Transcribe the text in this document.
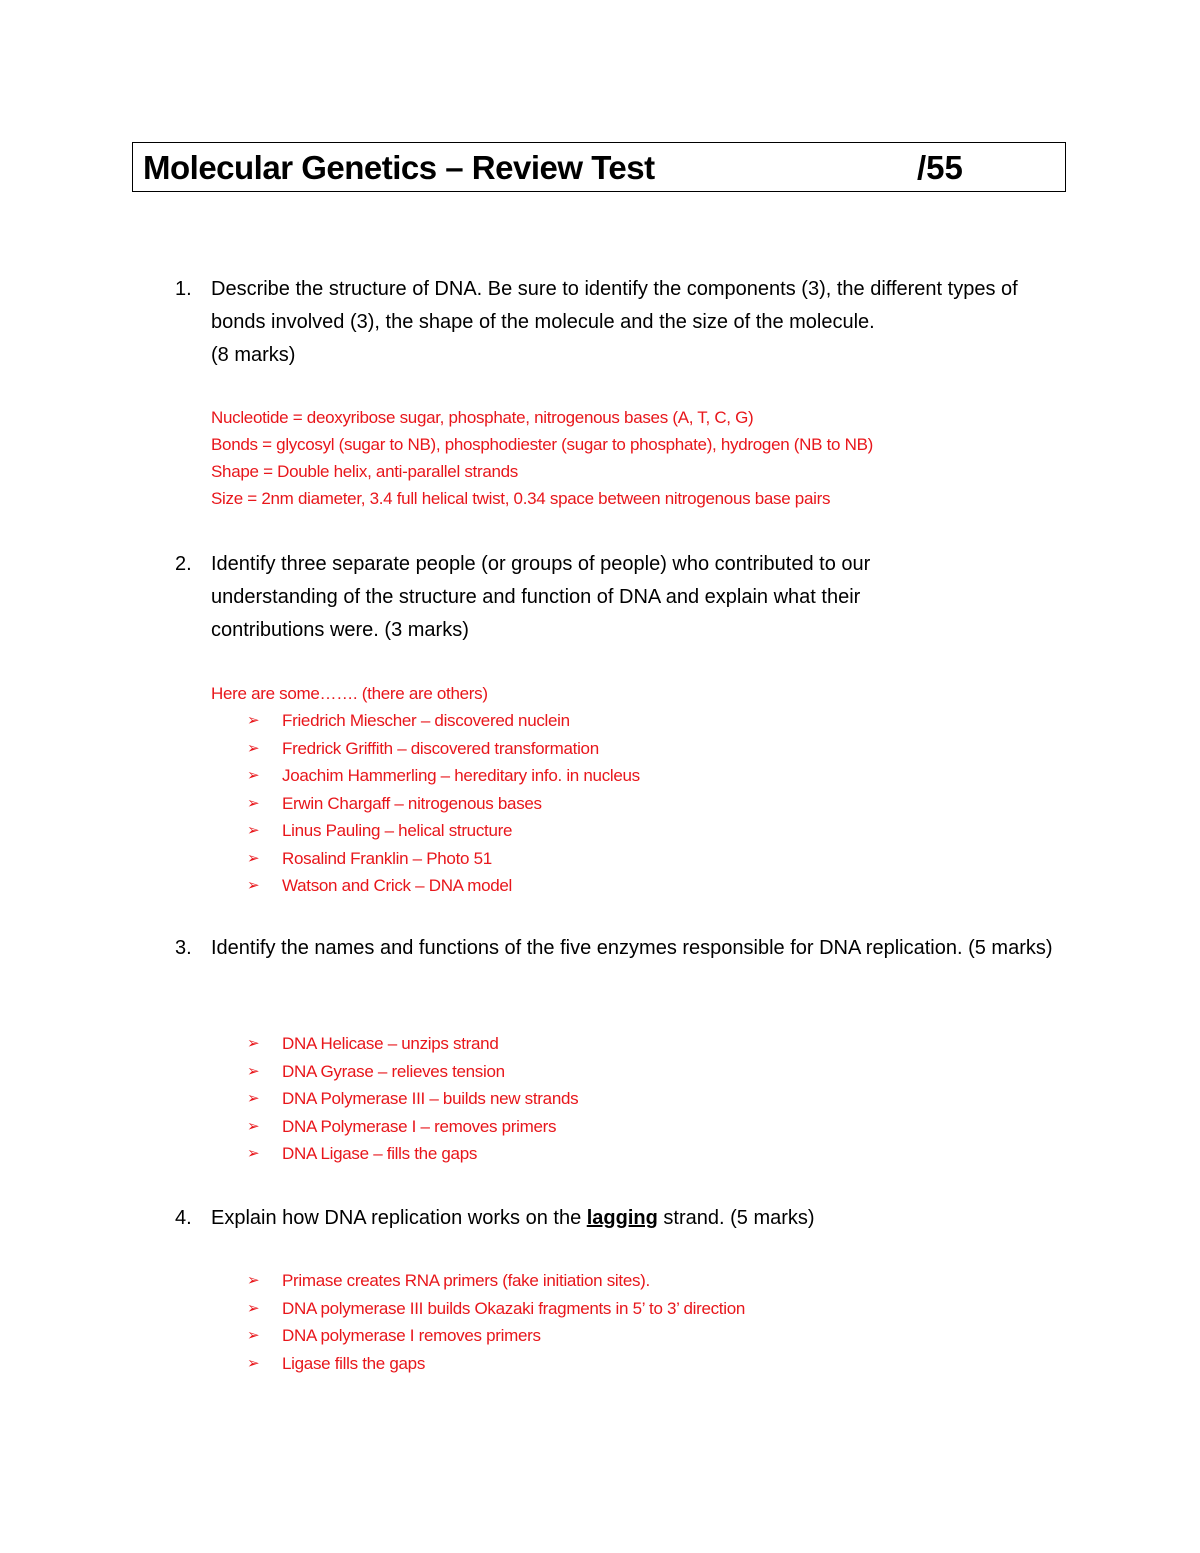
Molecular Genetics – Review Test	/55
1. Describe the structure of DNA. Be sure to identify the components (3), the different types of bonds involved (3), the shape of the molecule and the size of the molecule.
(8 marks)
Nucleotide = deoxyribose sugar, phosphate, nitrogenous bases (A, T, C, G)
Bonds = glycosyl (sugar to NB), phosphodiester (sugar to phosphate), hydrogen (NB to NB)
Shape = Double helix, anti-parallel strands
Size = 2nm diameter, 3.4 full helical twist, 0.34 space between nitrogenous base pairs
2. Identify three separate people (or groups of people) who contributed to our understanding of the structure and function of DNA and explain what their contributions were. (3 marks)
Here are some……. (there are others)
➢ Friedrich Miescher – discovered nuclein
➢ Fredrick Griffith – discovered transformation
➢ Joachim Hammerling – hereditary info. in nucleus
➢ Erwin Chargaff – nitrogenous bases
➢ Linus Pauling – helical structure
➢ Rosalind Franklin – Photo 51
➢ Watson and Crick – DNA model
3. Identify the names and functions of the five enzymes responsible for DNA replication. (5 marks)
➢ DNA Helicase – unzips strand
➢ DNA Gyrase – relieves tension
➢ DNA Polymerase III – builds new strands
➢ DNA Polymerase I – removes primers
➢ DNA Ligase – fills the gaps
4. Explain how DNA replication works on the lagging strand. (5 marks)
➢ Primase creates RNA primers (fake initiation sites).
➢ DNA polymerase III builds Okazaki fragments in 5’ to 3’ direction
➢ DNA polymerase I removes primers
➢ Ligase fills the gaps
